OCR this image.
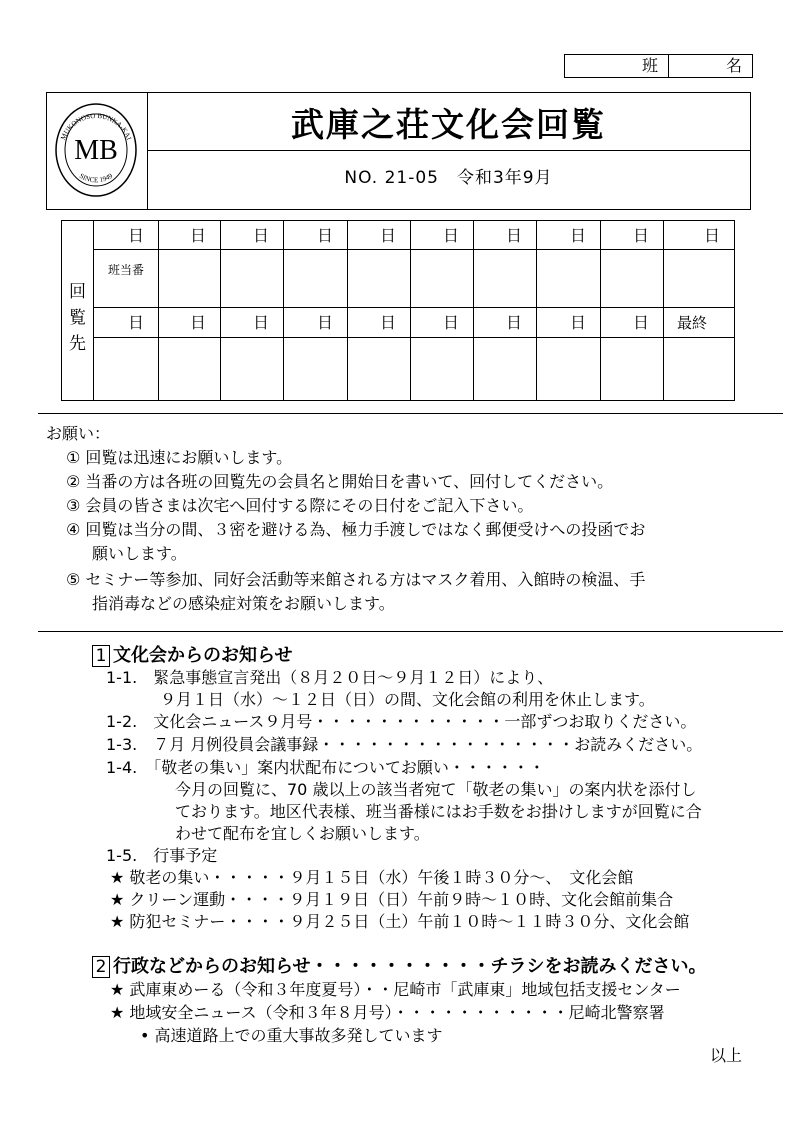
班	名
MB
MUKONOSO BUNKA-KAI
SINCE 1949
武庫之荘文化会回覧
NO. 21-05　令和3年9月
回
覧
先
班当番
日	日	日	日	日	日	日	日	日	日
日	日	日	日	日	日	日	日	日 最終
お願い：
① 回覧は迅速にお願いします。
② 当番の方は各班の回覧先の会員名と開始日を書いて、回付してください。
③ 会員の皆さまは次宅へ回付する際にその日付をご記入下さい。
④ 回覧は当分の間、３密を避ける為、極力手渡しではなく郵便受けへの投函でお
願いします。
⑤ セミナー等参加、同好会活動等来館される方はマスク着用、入館時の検温、手
指消毒などの感染症対策をお願いします。
1 文化会からのお知らせ
1-1.　緊急事態宣言発出（８月２０日～９月１２日）により、
９月１日（水）～１２日（日）の間、文化会館の利用を休止します。
1-2.　文化会ニュース９月号・・・・・・・・・・・・一部ずつお取りください。
1-3.　７月 月例役員会議事録・・・・・・・・・・・・・・・・お読みください。
1-4.　「敬老の集い」案内状配布についてお願い・・・・・・
今月の回覧に、70 歳以上の該当者宛て「敬老の集い」の案内状を添付し
ております。地区代表様、班当番様にはお手数をお掛けしますが回覧に合
わせて配布を宜しくお願いします。
1-5.　行事予定
★ 敬老の集い・・・・・９月１５日（水）午後１時３０分～、　文化会館
★ クリーン運動・・・・９月１９日（日）午前９時～１０時、文化会館前集合
★ 防犯セミナー・・・・９月２５日（土）午前１０時～１１時３０分、文化会館
2 行政などからのお知らせ・・・・・・・・・・チラシをお読みください。
★ 武庫東めーる（令和３年度夏号）・・尼崎市「武庫東」地域包括支援センター
★ 地域安全ニュース（令和３年８月号）・・・・・・・・・・・尼崎北警察署
• 高速道路上での重大事故多発しています
以上
